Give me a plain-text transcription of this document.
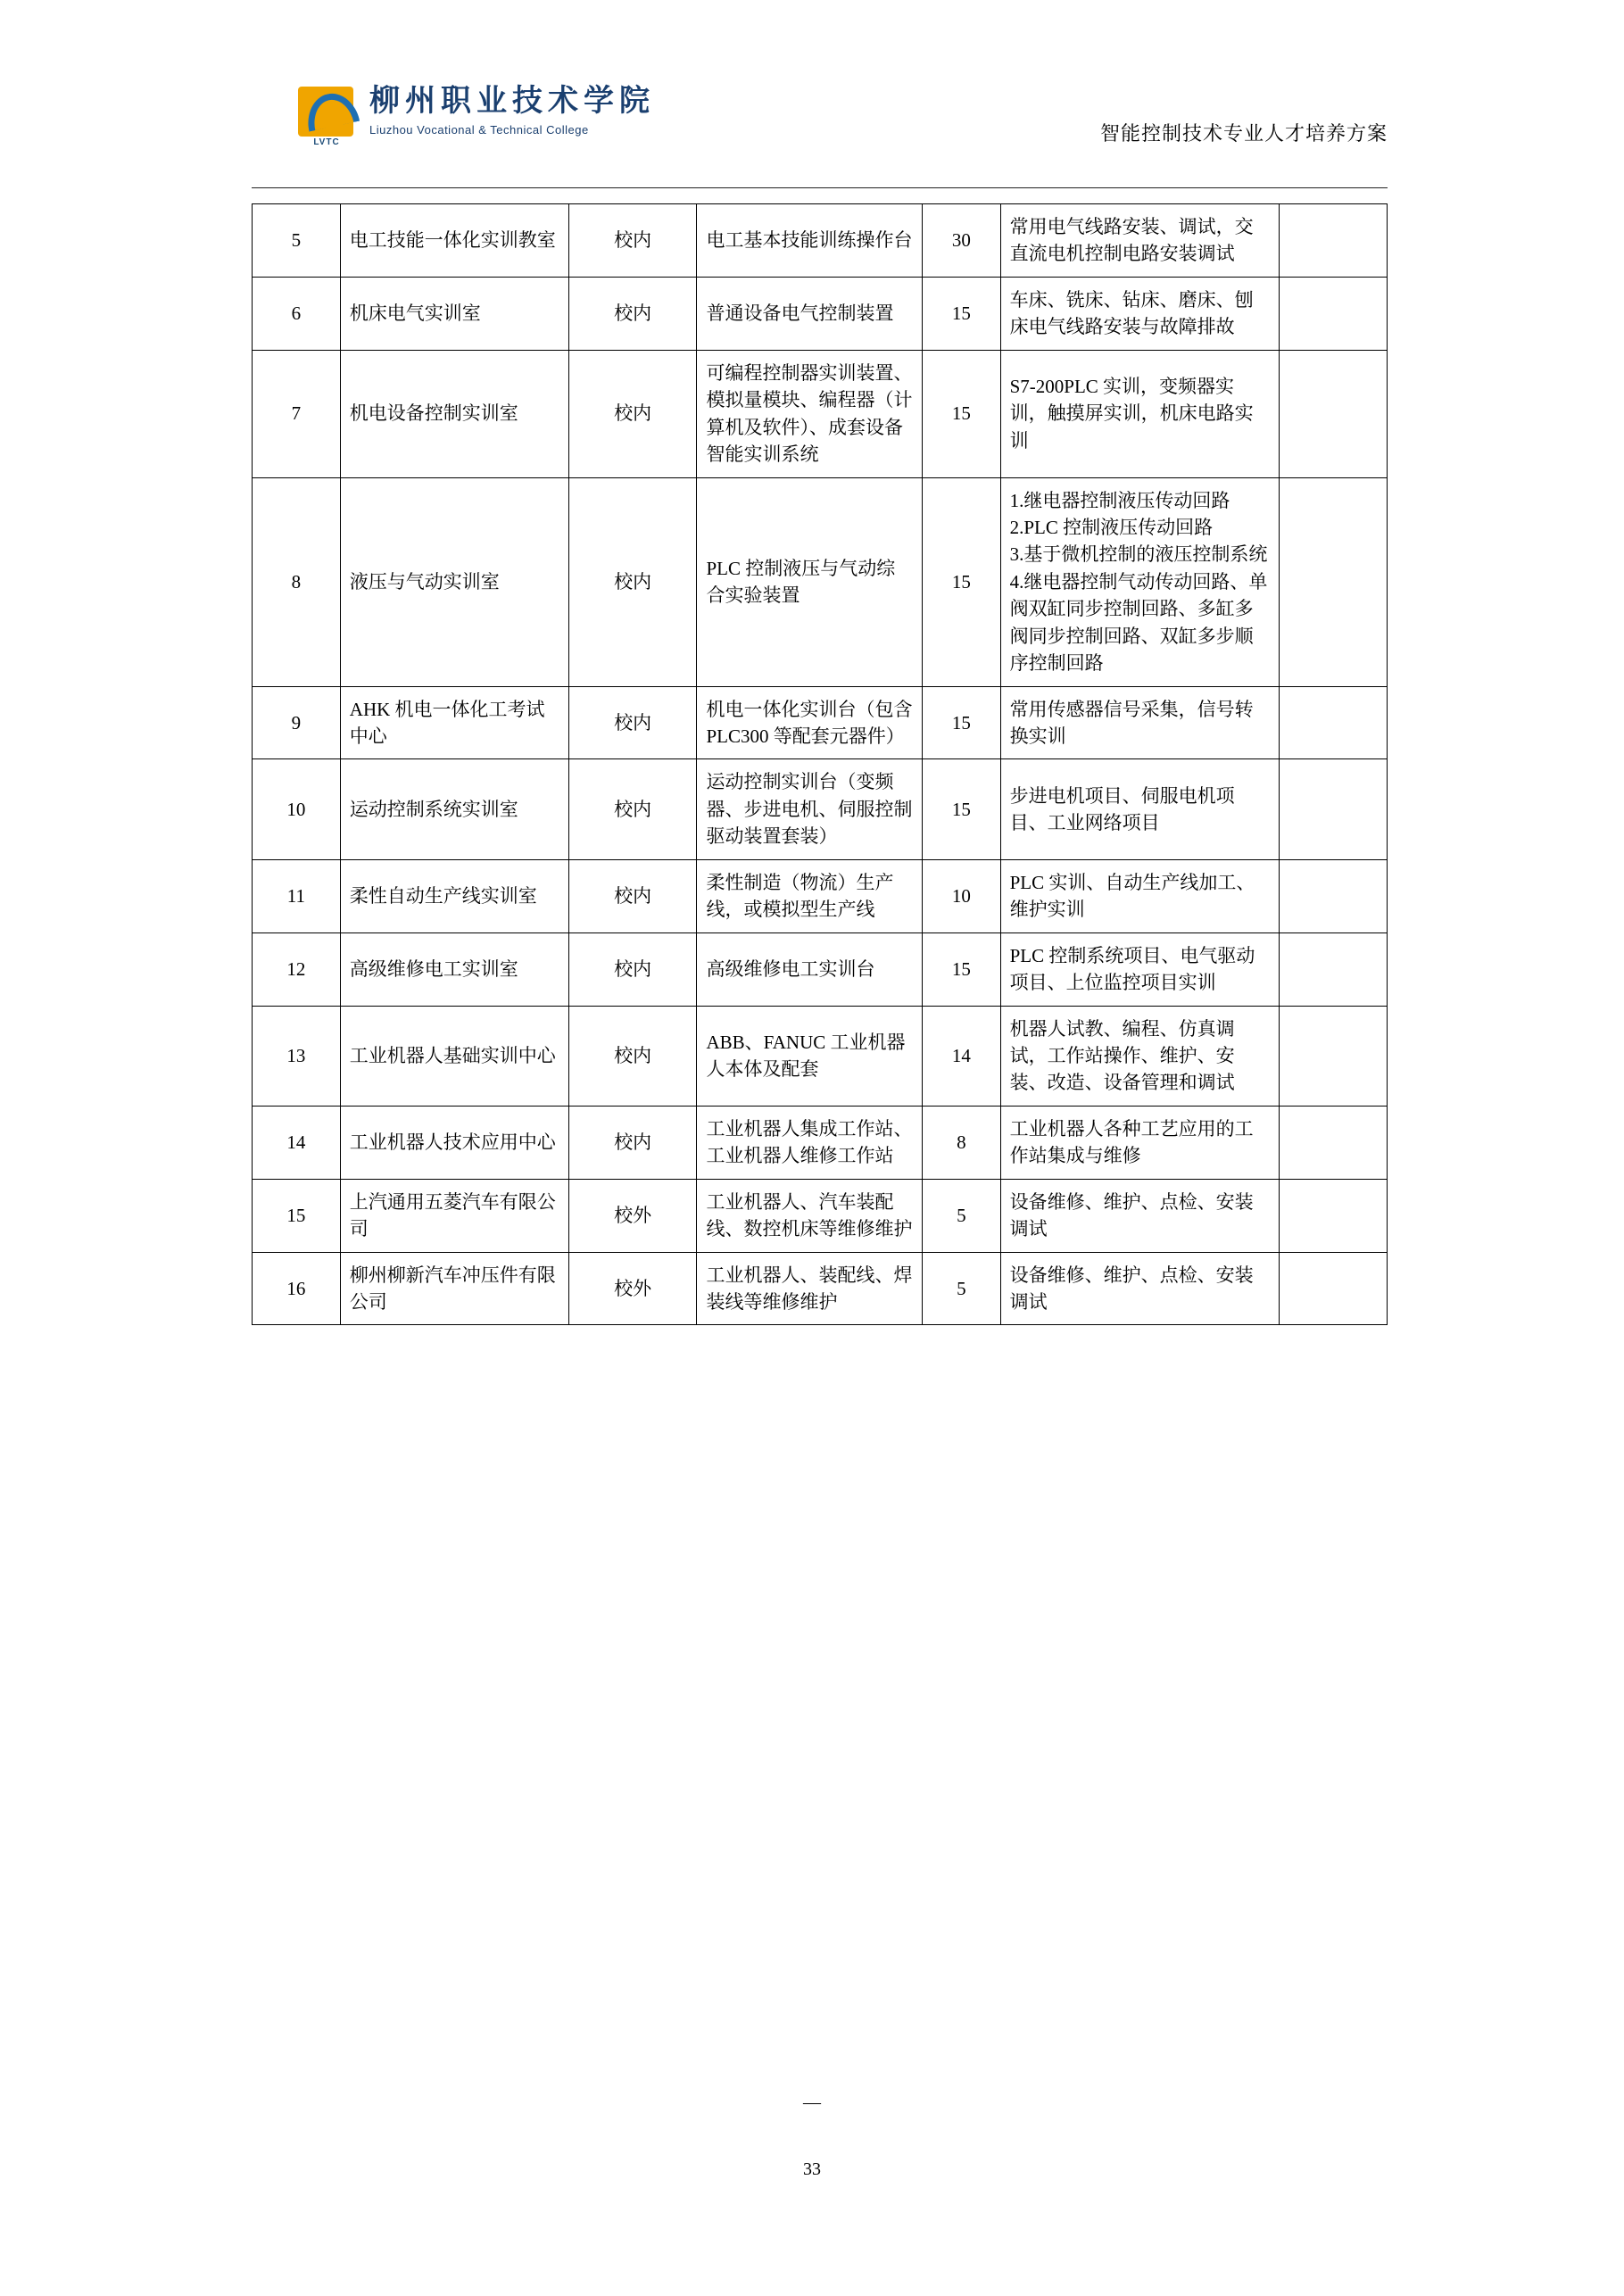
LVTC
柳州职业技术学院
Liuzhou Vocational & Technical College	智能控制技术专业人才培养方案
5	电工技能一体化实训教室	校内	电工基本技能训练操作台	30	常用电气线路安装、调试，交直流电机控制电路安装调试	
6	机床电气实训室	校内	普通设备电气控制装置	15	车床、铣床、钻床、磨床、刨床电气线路安装与故障排故	
7	机电设备控制实训室	校内	可编程控制器实训装置、 模拟量模块、编程器（计算机及软件）、成套设备智能实训系统	15	S7-200PLC 实训，变频器实训，触摸屏实训，机床电路实训	
8	液压与气动实训室	校内	PLC 控制液压与气动综合实验装置	15	1.继电器控制液压传动回路
2.PLC 控制液压传动回路
3.基于微机控制的液压控制系统
4.继电器控制气动传动回路、单阀双缸同步控制回路、多缸多阀同步控制回路、双缸多步顺序控制回路	
9	AHK 机电一体化工考试中心	校内	机电一体化实训台（包含 PLC300 等配套元器件）	15	常用传感器信号采集，信号转换实训	
10	运动控制系统实训室	校内	运动控制实训台（变频器、步进电机、伺服控制驱动装置套装）	15	步进电机项目、伺服电机项目、工业网络项目	
11	柔性自动生产线实训室	校内	柔性制造（物流）生产线，或模拟型生产线	10	PLC 实训、自动生产线加工、维护实训	
12	高级维修电工实训室	校内	高级维修电工实训台	15	PLC 控制系统项目、电气驱动项目、上位监控项目实训	
13	工业机器人基础实训中心	校内	ABB、FANUC 工业机器人本体及配套	14	机器人试教、编程、仿真调试，工作站操作、维护、安装、改造、设备管理和调试	
14	工业机器人技术应用中心	校内	工业机器人集成工作站、工业机器人维修工作站	8	工业机器人各种工艺应用的工作站集成与维修	
15	上汽通用五菱汽车有限公司	校外	工业机器人、汽车装配线、数控机床等维修维护	5	设备维修、维护、点检、安装调试	
16	柳州柳新汽车冲压件有限公司	校外	工业机器人、装配线、焊装线等维修维护	5	设备维修、维护、点检、安装调试	
—
33
